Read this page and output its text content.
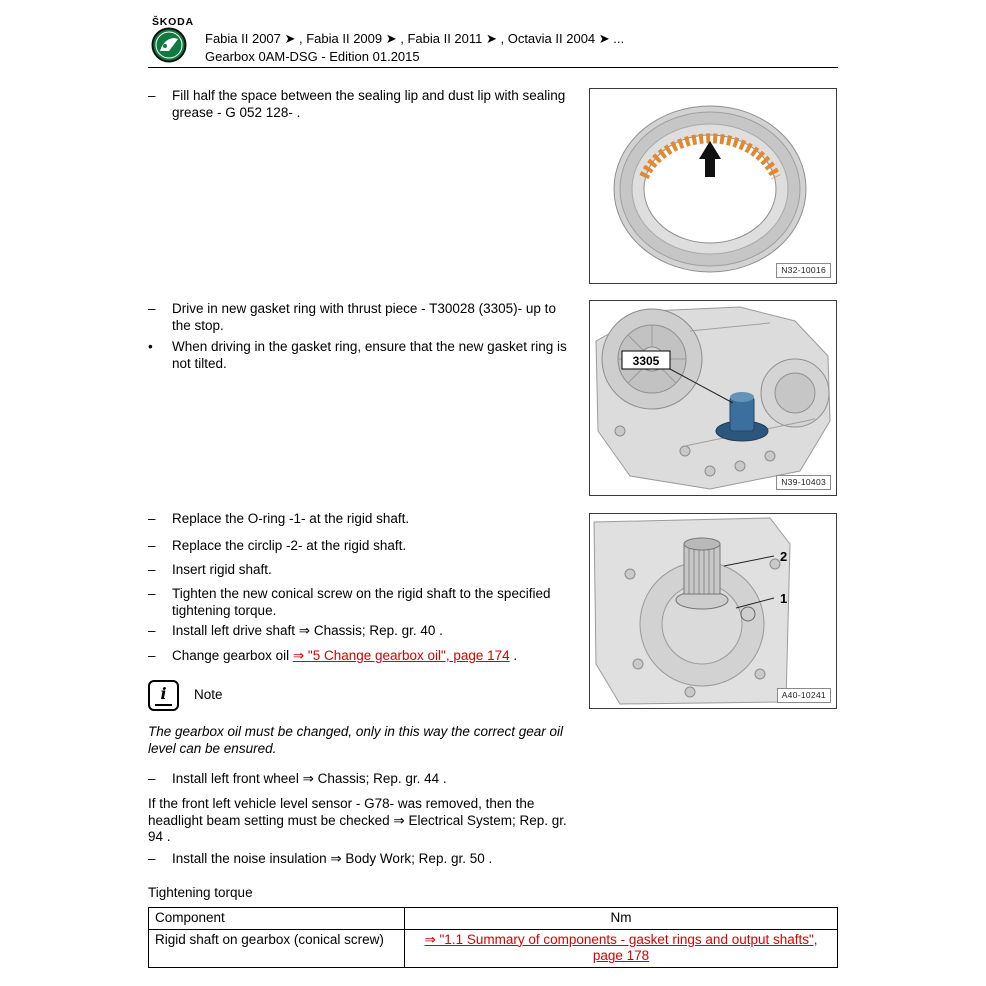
ŠKODA
Fabia II 2007 ➤ , Fabia II 2009 ➤ , Fabia II 2011 ➤ , Octavia II 2004 ➤ ...
Gearbox 0AM-DSG - Edition 01.2015
–	Fill half the space between the sealing lip and dust lip with sealing grease - G 052 128- .
–	Drive in new gasket ring with thrust piece - T30028 (3305)- up to the stop.
•	When driving in the gasket ring, ensure that the new gasket ring is not tilted.
–	Replace the O-ring -1- at the rigid shaft.
–	Replace the circlip -2- at the rigid shaft.
–	Insert rigid shaft.
–	Tighten the new conical screw on the rigid shaft to the specified tightening torque.
–	Install left drive shaft ⇒ Chassis; Rep. gr. 40 .
–	Change gearbox oil ⇒ "5 Change gearbox oil", page 174 .
i Note
The gearbox oil must be changed, only in this way the correct gear oil level can be ensured.
–	Install left front wheel ⇒ Chassis; Rep. gr. 44 .
If the front left vehicle level sensor - G78- was removed, then the headlight beam setting must be checked ⇒ Electrical System; Rep. gr. 94 .
–	Install the noise insulation ⇒ Body Work; Rep. gr. 50 .
Tightening torque
Component	Nm
Rigid shaft on gearbox (conical screw)	⇒ "1.1 Summary of components - gasket rings and output shafts", page 178
N32-10016
3305
N39-10403
2
1
A40-10241
